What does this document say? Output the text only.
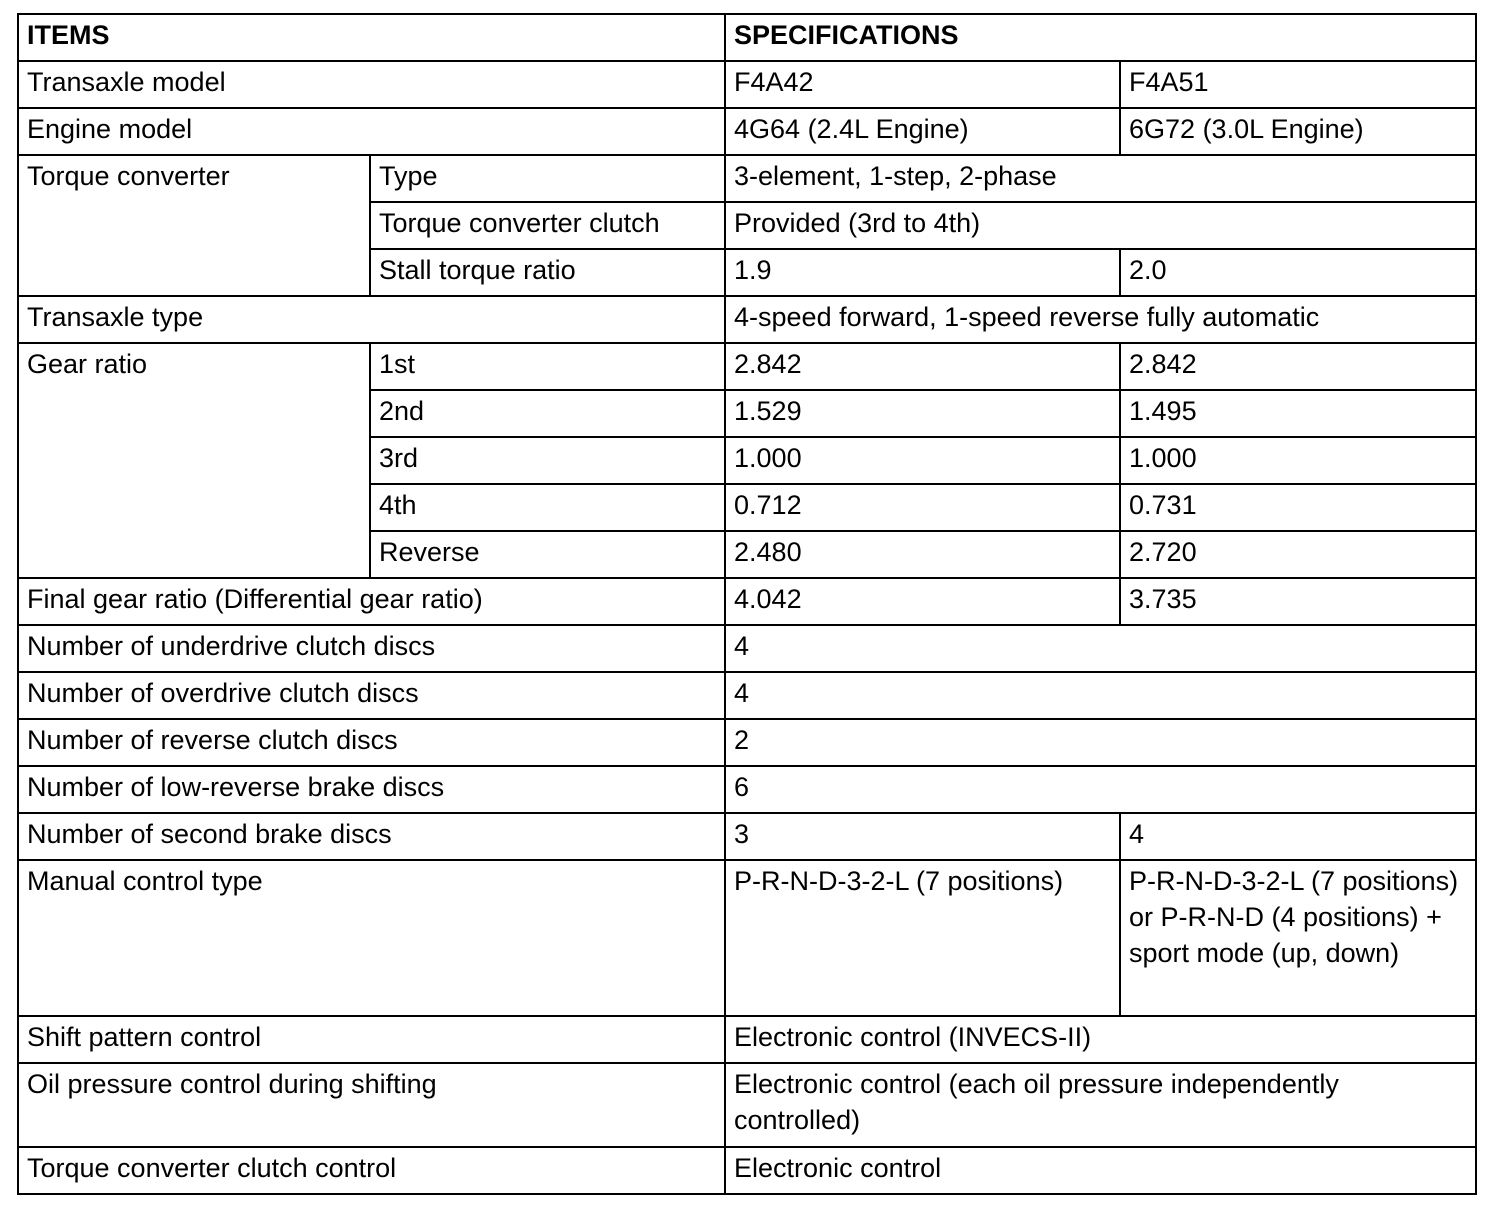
ITEMS		SPECIFICATIONS	
Transaxle model		F4A42	F4A51
Engine model		4G64 (2.4L Engine)	6G72 (3.0L Engine)
Torque converter	Type	3-element, 1-step, 2-phase	
	Torque converter clutch	Provided (3rd to 4th)	
	Stall torque ratio	1.9	2.0
Transaxle type		4-speed forward, 1-speed reverse fully automatic	
Gear ratio	1st	2.842	2.842
	2nd	1.529	1.495
	3rd	1.000	1.000
	4th	0.712	0.731
	Reverse	2.480	2.720
Final gear ratio (Differential gear ratio)		4.042	3.735
Number of underdrive clutch discs		4	
Number of overdrive clutch discs		4	
Number of reverse clutch discs		2	
Number of low-reverse brake discs		6	
Number of second brake discs		3	4
Manual control type		P-R-N-D-3-2-L (7 positions)	P-R-N-D-3-2-L (7 positions) or P-R-N-D (4 positions) + sport mode (up, down)
Shift pattern control		Electronic control (INVECS-II)	
Oil pressure control during shifting		Electronic control (each oil pressure independently controlled)	
Torque converter clutch control		Electronic control	
